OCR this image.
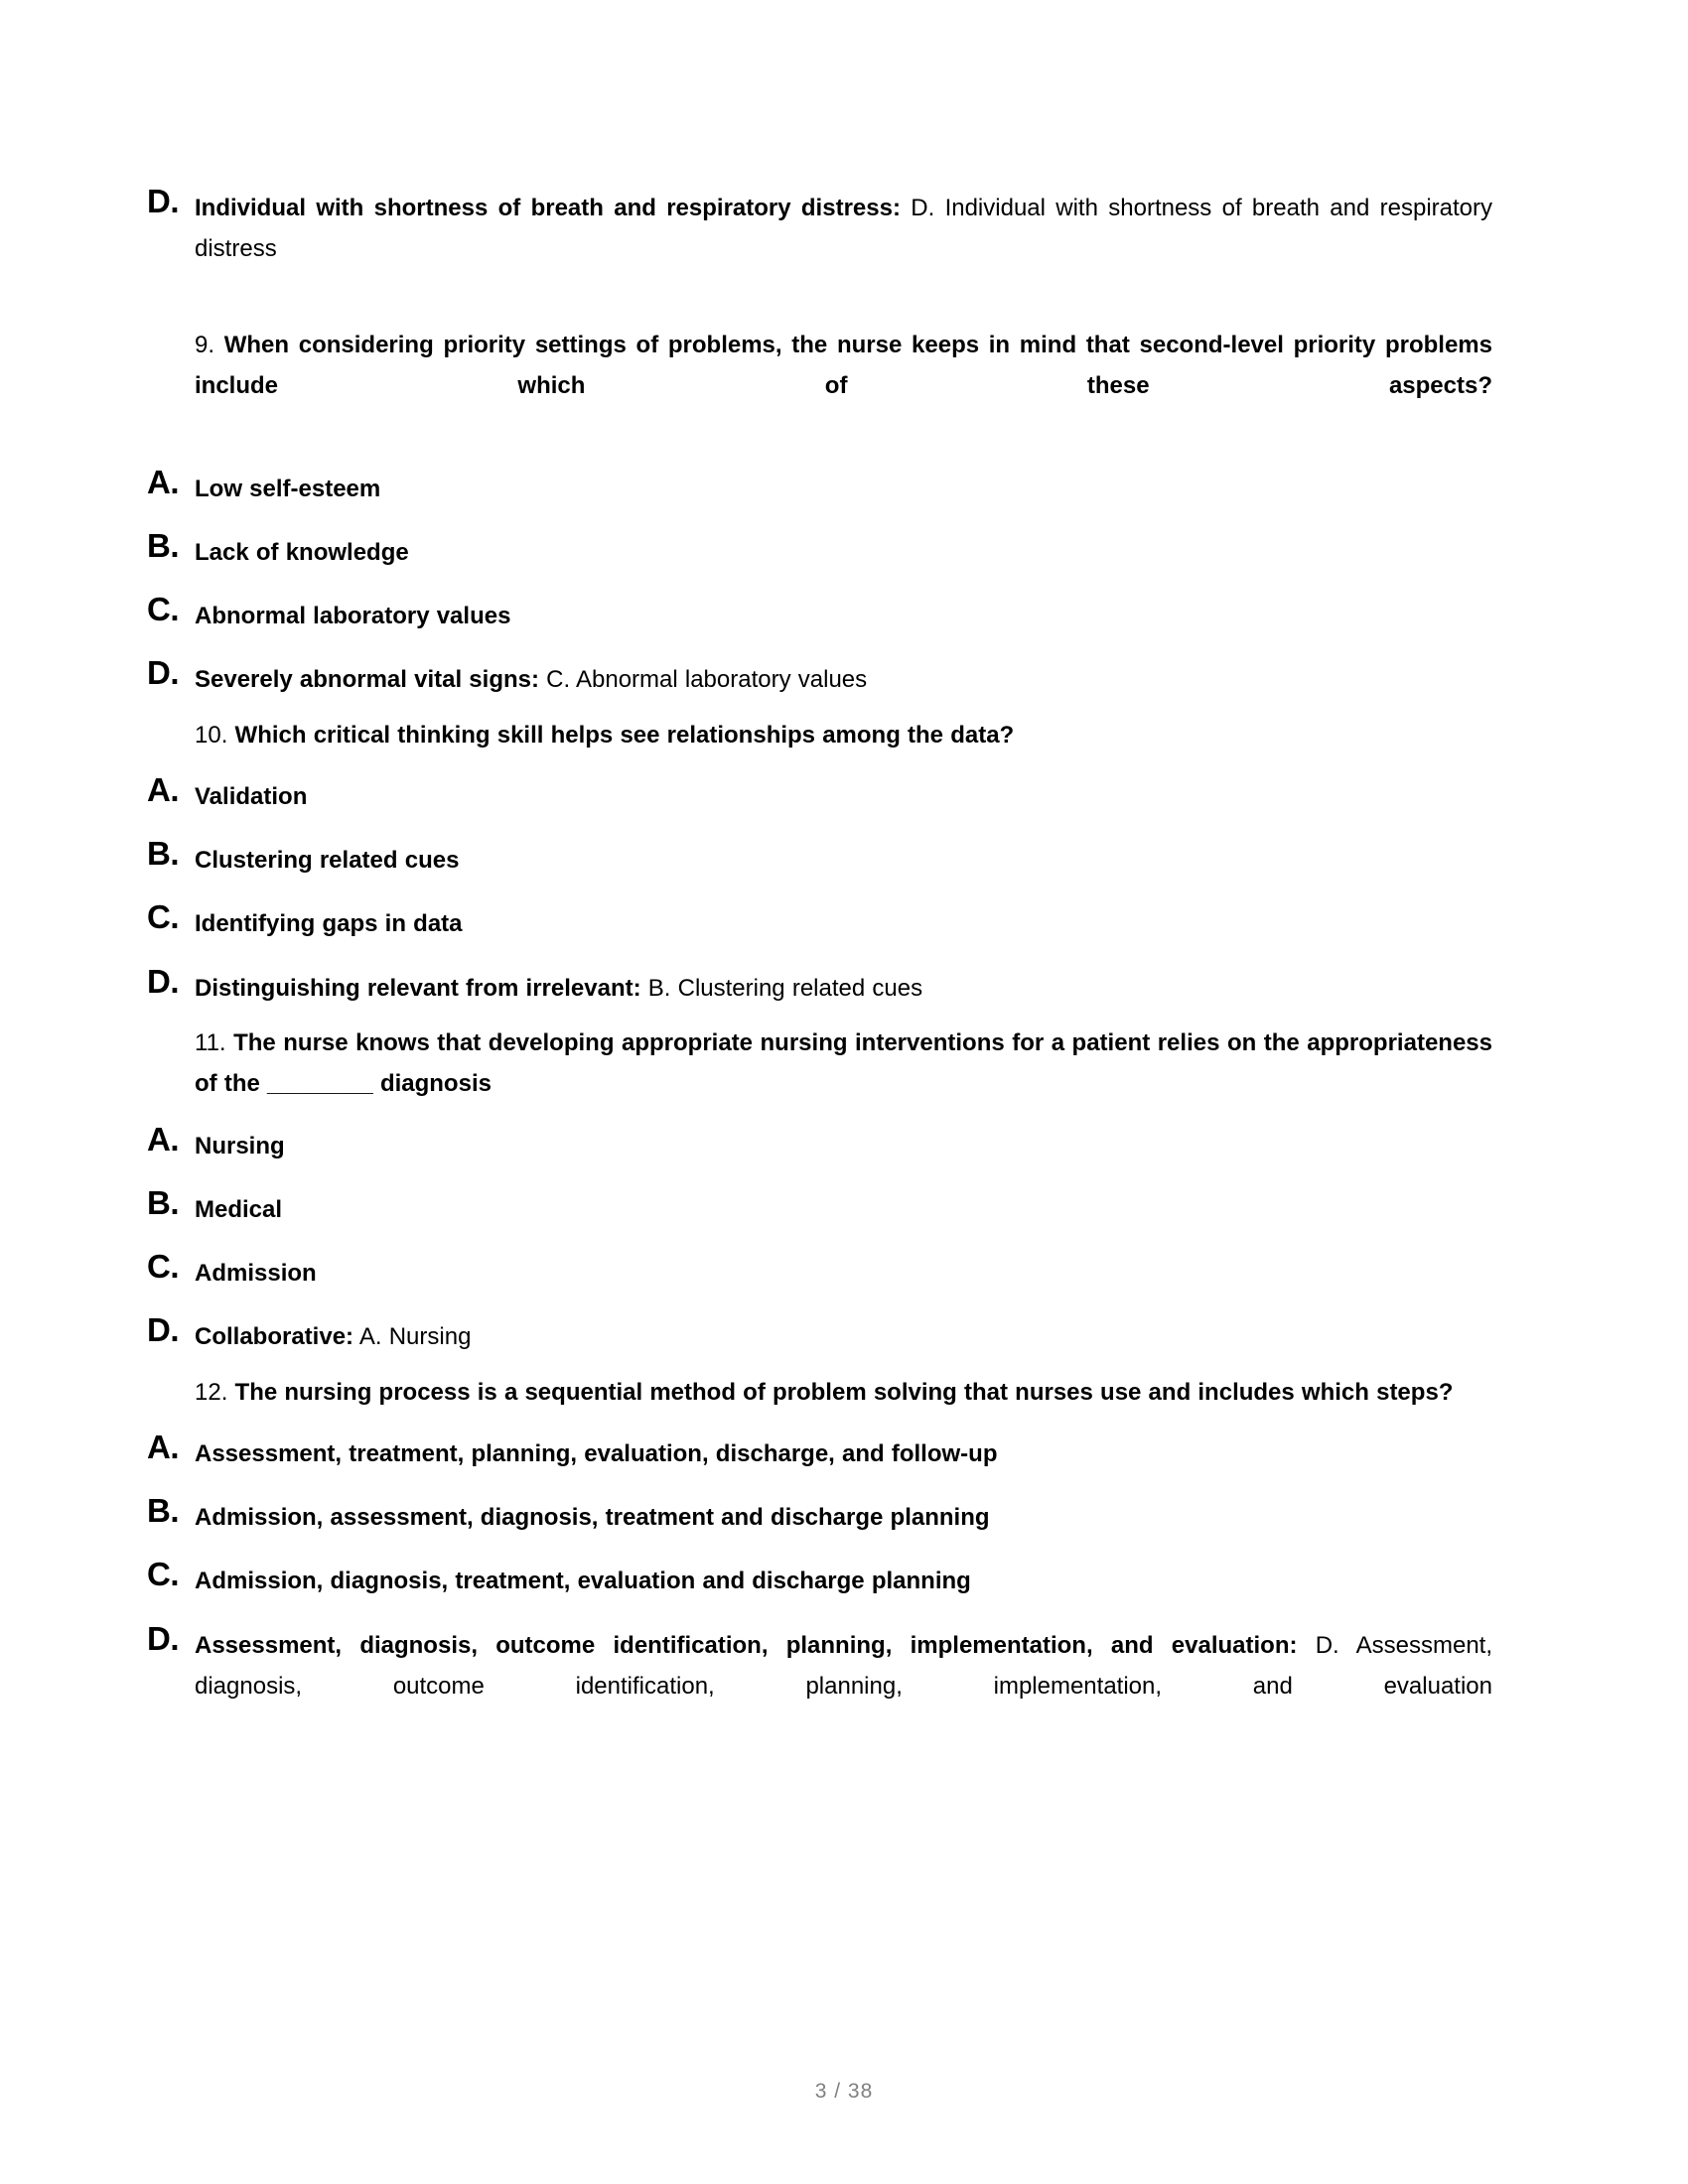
D. Individual with shortness of breath and respiratory distress: D. Individual with shortness of breath and respiratory distress
9. When considering priority settings of problems, the nurse keeps in mind that second-level priority problems include which of these aspects?
A. Low self-esteem
B. Lack of knowledge
C. Abnormal laboratory values
D. Severely abnormal vital signs: C. Abnormal laboratory values
10. Which critical thinking skill helps see relationships among the data?
A. Validation
B. Clustering related cues
C. Identifying gaps in data
D. Distinguishing relevant from irrelevant: B. Clustering related cues
11. The nurse knows that developing appropriate nursing interventions for a patient relies on the appropriateness of the ________ diagnosis
A. Nursing
B. Medical
C. Admission
D. Collaborative: A. Nursing
12. The nursing process is a sequential method of problem solving that nurses use and includes which steps?
A. Assessment, treatment, planning, evaluation, discharge, and follow-up
B. Admission, assessment, diagnosis, treatment and discharge planning
C. Admission, diagnosis, treatment, evaluation and discharge planning
D. Assessment, diagnosis, outcome identification, planning, implementation, and evaluation: D. Assessment, diagnosis, outcome identification, planning, implementation, and evaluation
3 / 38
